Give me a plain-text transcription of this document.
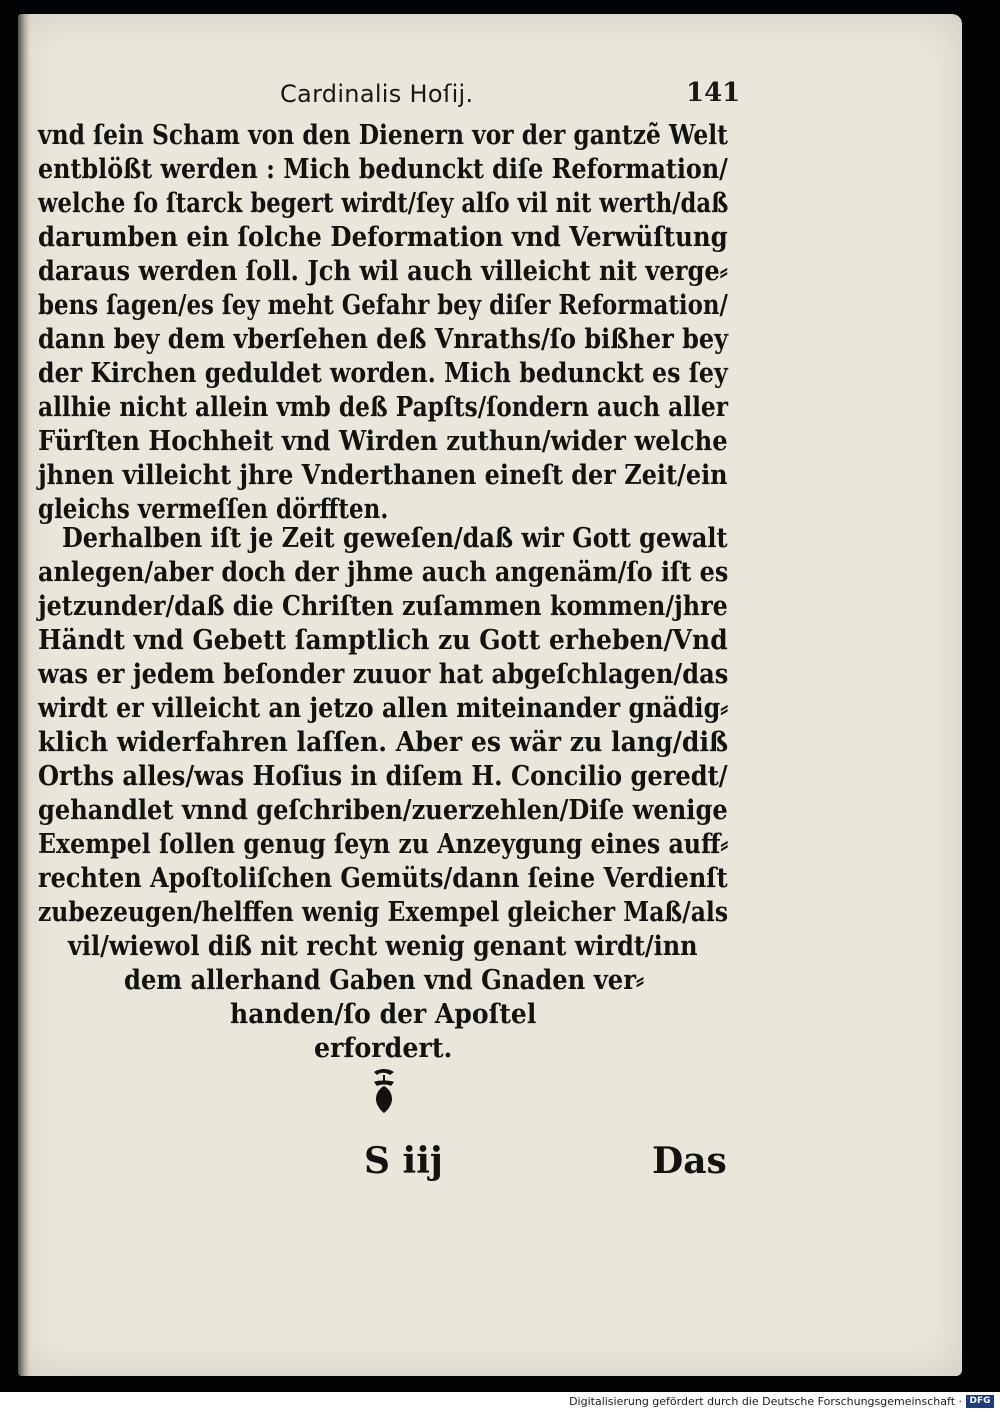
Cardinalis Hoſij.	141
vnd ſein Scham von den Dienern vor der gantzẽ Welt
entblößt werden : Mich bedunckt diſe Reformation/
welche ſo ſtarck begert wirdt/ſey alſo vil nit werth/daß
darumben ein ſolche Deformation vnd Verwüſtung
daraus werden ſoll. Jch wil auch villeicht nit verge⸗
bens ſagen/es ſey meht Gefahr bey diſer Reformation/
dann bey dem vberſehen deß Vnraths/ſo bißher bey
der Kirchen geduldet worden. Mich bedunckt es ſey
allhie nicht allein vmb deß Papſts/ſondern auch aller
Fürſten Hochheit vnd Wirden zuthun/wider welche
jhnen villeicht jhre Vnderthanen eineſt der Zeit/ein
gleichs vermeſſen dörfften.
Derhalben iſt je Zeit geweſen/daß wir Gott gewalt
anlegen/aber doch der jhme auch angenäm/ſo iſt es
jetzunder/daß die Chriſten zuſammen kommen/jhre
Händt vnd Gebett ſamptlich zu Gott erheben/Vnd
was er jedem beſonder zuuor hat abgeſchlagen/das
wirdt er villeicht an jetzo allen miteinander gnädig⸗
klich widerfahren laſſen. Aber es wär zu lang/diß
Orths alles/was Hoſius in diſem H. Concilio geredt/
gehandlet vnnd geſchriben/zuerzehlen/Diſe wenige
Exempel ſollen genug ſeyn zu Anzeygung eines auff⸗
rechten Apoſtoliſchen Gemüts/dann ſeine Verdienſt
zubezeugen/helffen wenig Exempel gleicher Maß/als
vil/wiewol diß nit recht wenig genant wirdt/inn
dem allerhand Gaben vnd Gnaden ver⸗
handen/ſo der Apoſtel
erfordert.
S iij	Das
Digitalisierung gefördert durch die Deutsche Forschungsgemeinschaft · DFG
